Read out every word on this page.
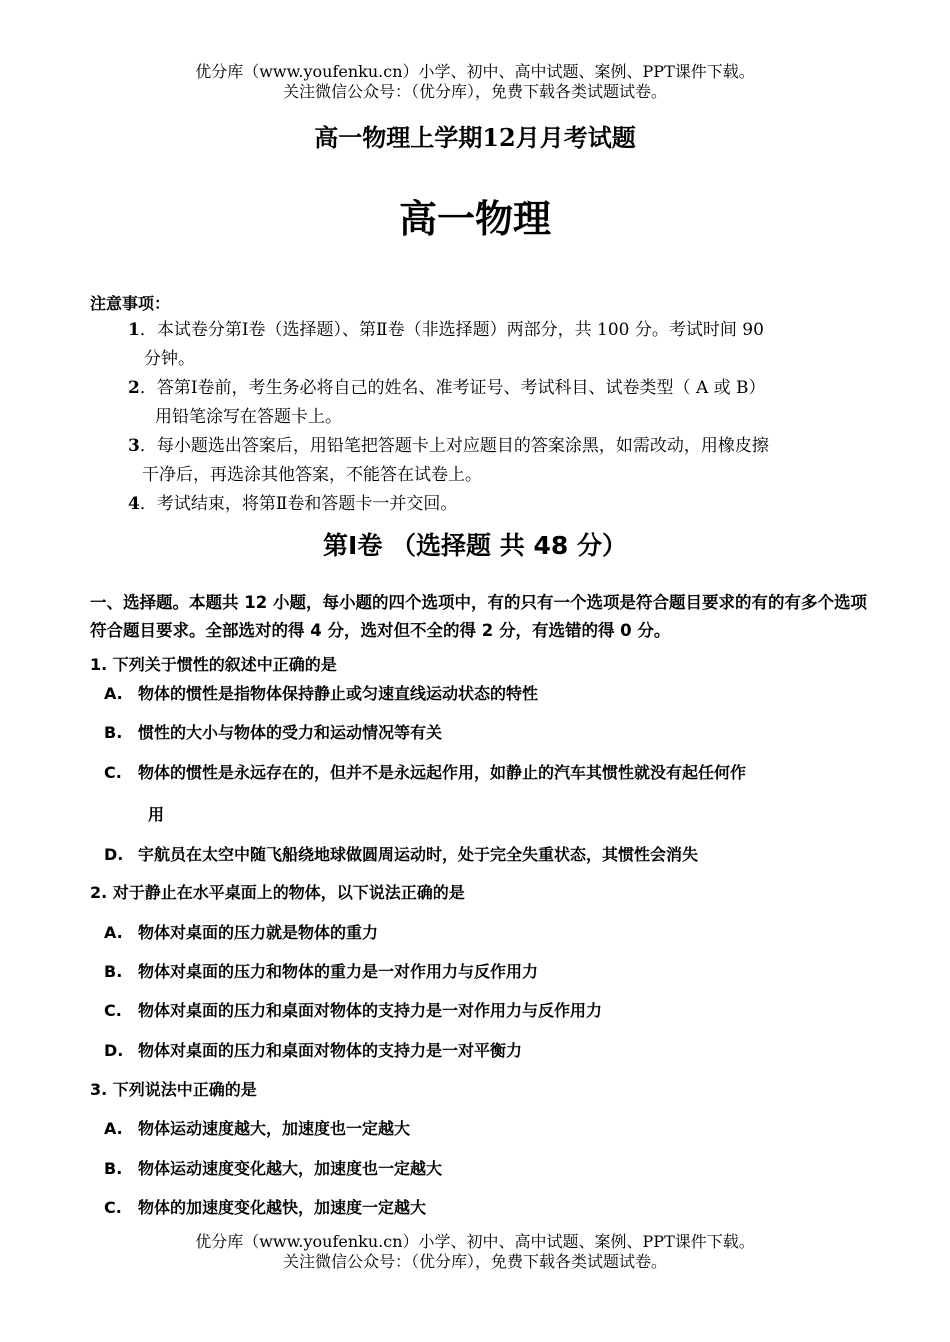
优分库（www.youfenku.cn）小学、初中、高中试题、案例、PPT课件下载。
关注微信公众号：（优分库），免费下载各类试题试卷。
高一物理上学期12月月考试题
高一物理
注意事项：
1．本试卷分第Ⅰ卷（选择题）、第Ⅱ卷（非选择题）两部分，共 100 分。考试时间 90
分钟。
2．答第Ⅰ卷前，考生务必将自己的姓名、准考证号、考试科目、试卷类型（ A 或 B）
用铅笔涂写在答题卡上。
3．每小题选出答案后，用铅笔把答题卡上对应题目的答案涂黑，如需改动，用橡皮擦
干净后，再选涂其他答案，不能答在试卷上。
4．考试结束，将第Ⅱ卷和答题卡一并交回。
第Ⅰ卷 （选择题 共 48 分）
一、选择题。本题共 12 小题，每小题的四个选项中，有的只有一个选项是符合题目要求的有的有多个选项符合题目要求。全部选对的得 4 分，选对但不全的得 2 分，有选错的得 0 分。
1. 下列关于惯性的叙述中正确的是
A. 物体的惯性是指物体保持静止或匀速直线运动状态的特性
B. 惯性的大小与物体的受力和运动情况等有关
C. 物体的惯性是永远存在的，但并不是永远起作用，如静止的汽车其惯性就没有起任何作
用
D. 宇航员在太空中随飞船绕地球做圆周运动时，处于完全失重状态，其惯性会消失
2. 对于静止在水平桌面上的物体，以下说法正确的是
A. 物体对桌面的压力就是物体的重力
B. 物体对桌面的压力和物体的重力是一对作用力与反作用力
C. 物体对桌面的压力和桌面对物体的支持力是一对作用力与反作用力
D. 物体对桌面的压力和桌面对物体的支持力是一对平衡力
3. 下列说法中正确的是
A. 物体运动速度越大，加速度也一定越大
B. 物体运动速度变化越大，加速度也一定越大
C. 物体的加速度变化越快，加速度一定越大
优分库（www.youfenku.cn）小学、初中、高中试题、案例、PPT课件下载。
关注微信公众号：（优分库），免费下载各类试题试卷。
